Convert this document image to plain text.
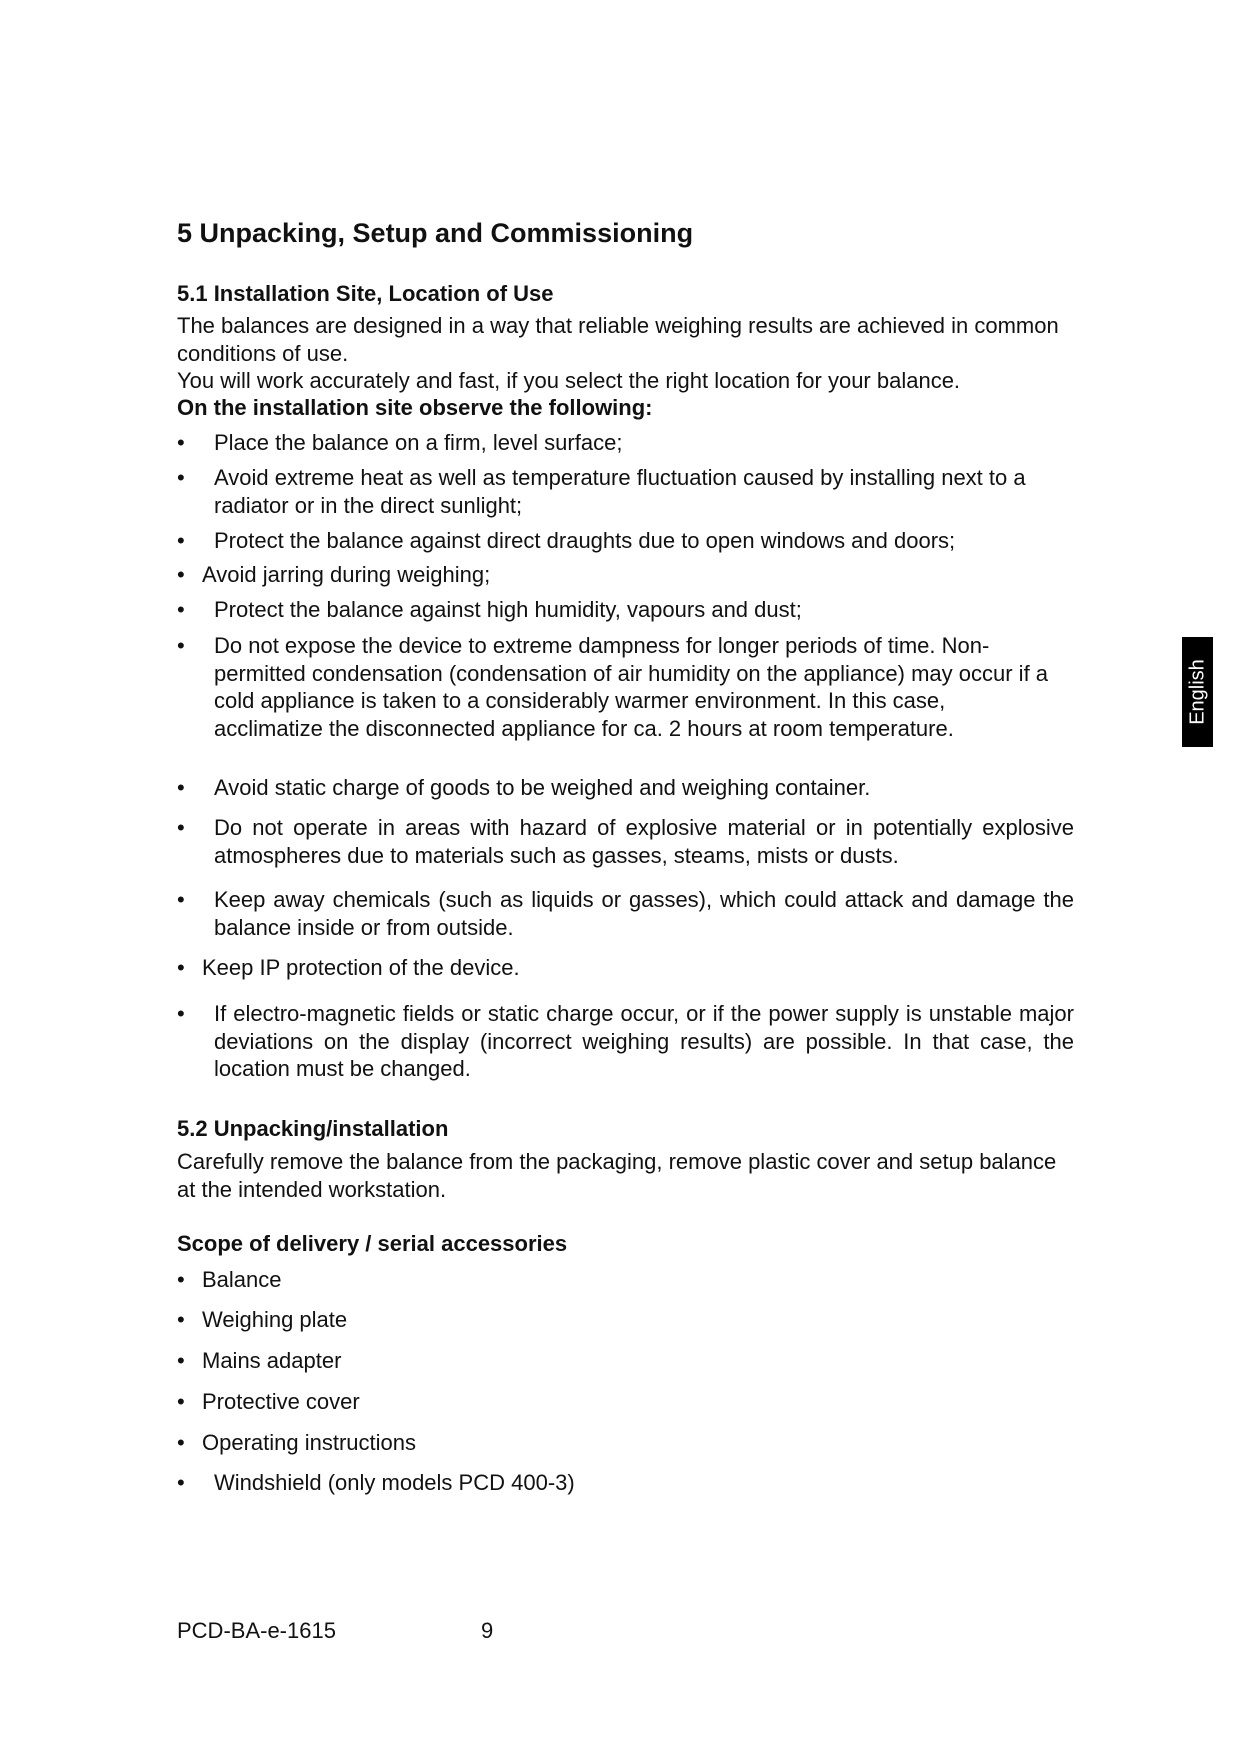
5 Unpacking, Setup and Commissioning
5.1 Installation Site, Location of Use
The balances are designed in a way that reliable weighing results are achieved in common conditions of use.
You will work accurately and fast, if you select the right location for your balance.
On the installation site observe the following:
• Place the balance on a firm, level surface;
• Avoid extreme heat as well as temperature fluctuation caused by installing next to a radiator or in the direct sunlight;
• Protect the balance against direct draughts due to open windows and doors;
• Avoid jarring during weighing;
• Protect the balance against high humidity, vapours and dust;
• Do not expose the device to extreme dampness for longer periods of time. Non-permitted condensation (condensation of air humidity on the appliance) may occur if a cold appliance is taken to a considerably warmer environment. In this case, acclimatize the disconnected appliance for ca. 2 hours at room temperature.
• Avoid static charge of goods to be weighed and weighing container.
• Do not operate in areas with hazard of explosive material or in potentially explosive atmospheres due to materials such as gasses, steams, mists or dusts.
• Keep away chemicals (such as liquids or gasses), which could attack and damage the balance inside or from outside.
• Keep IP protection of the device.
• If electro-magnetic fields or static charge occur, or if the power supply is unstable major deviations on the display (incorrect weighing results) are possible. In that case, the location must be changed.
5.2 Unpacking/installation
Carefully remove the balance from the packaging, remove plastic cover and setup balance at the intended workstation.
Scope of delivery / serial accessories
• Balance
• Weighing plate
• Mains adapter
• Protective cover
• Operating instructions
• Windshield (only models PCD 400-3)
English
PCD-BA-e-1615	9
